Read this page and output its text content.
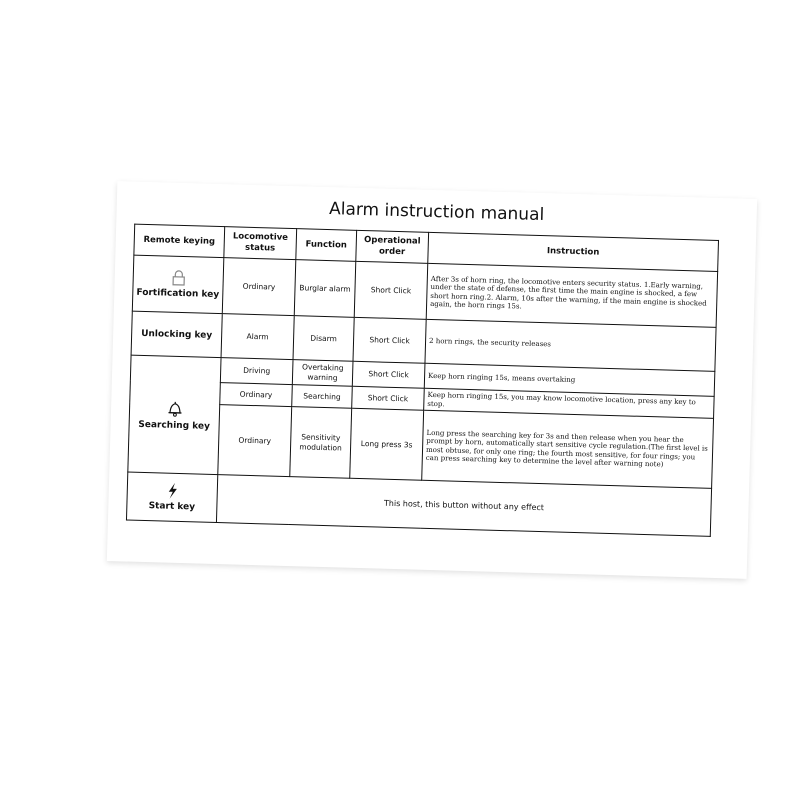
Alarm instruction manual
Remote keying	Locomotive status	Function	Operational order	Instruction

Fortification key	Ordinary	Burglar alarm	Short Click	After 3s of horn ring, the locomotive enters security status. 1.Early warning, under the state of defense, the first time the main engine is shocked, a few short horn ring.2. Alarm, 10s after the warning, if the main engine is shocked again, the horn rings 15s.
Unlocking key	Alarm	Disarm	Short Click	2 horn rings, the security releases

Searching key	Driving	Overtaking warning	Short Click	Keep horn ringing 15s, means overtaking
	Ordinary	Searching	Short Click	Keep horn ringing 15s, you may know locomotive location, press any key to stop.
	Ordinary	Sensitivity modulation	Long press 3s	Long press the searching key for 3s and then release when you hear the prompt by horn, automatically start sensitive cycle regulation.(The first level is most obtuse, for only one ring; the fourth most sensitive, for four rings; you can press searching key to determine the level after warning note)

Start key	This host, this button without any effect			
